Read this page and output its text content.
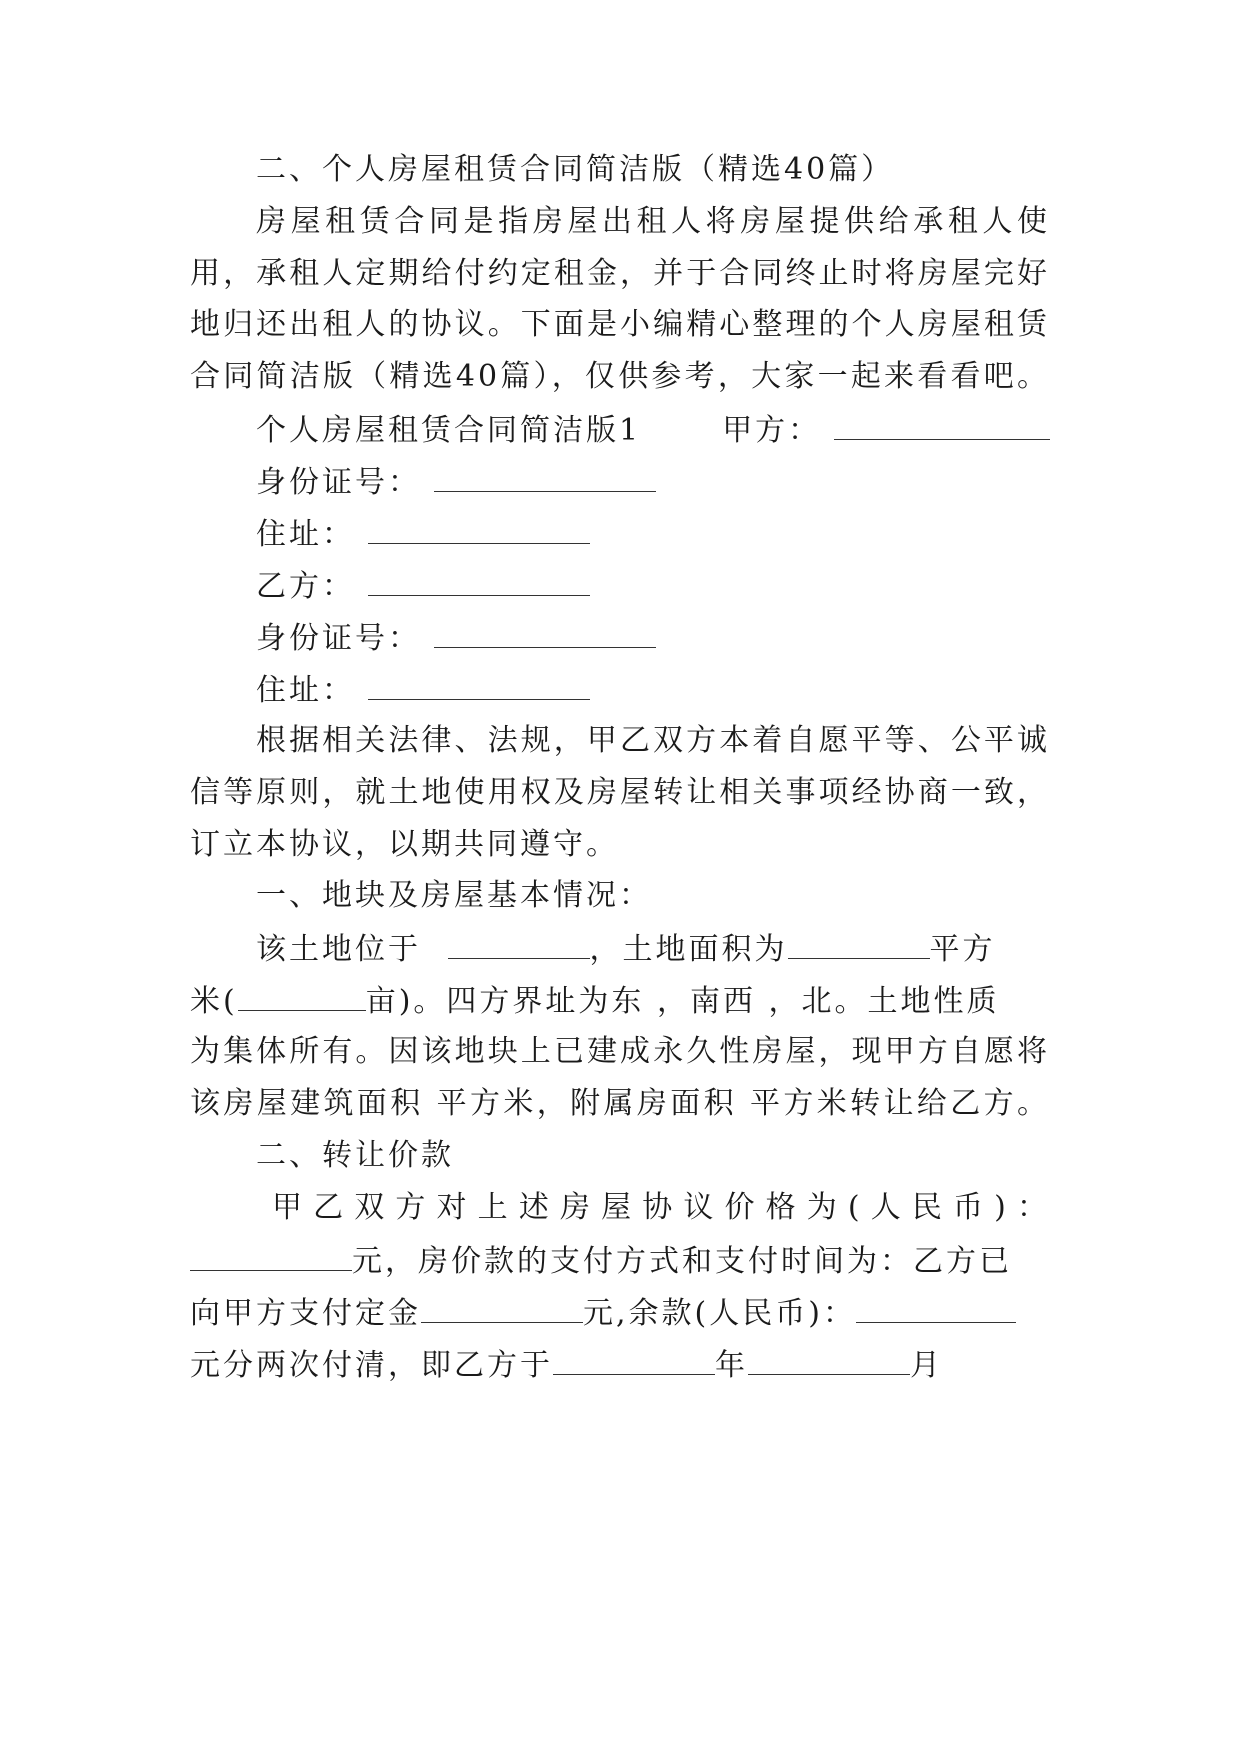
二、个人房屋租赁合同简洁版（精选40篇）
房屋租赁合同是指房屋出租人将房屋提供给承租人使
用，承租人定期给付约定租金，并于合同终止时将房屋完好
地归还出租人的协议。下面是小编精心整理的个人房屋租赁
合同简洁版（精选40篇），仅供参考，大家一起来看看吧。
个人房屋租赁合同简洁版1	甲方：
身份证号：
住址：
乙方：
身份证号：
住址：
根据相关法律、法规，甲乙双方本着自愿平等、公平诚
信等原则，就土地使用权及房屋转让相关事项经协商一致，
订立本协议，以期共同遵守。
一、地块及房屋基本情况：
该土地位于	，土地面积为	平方
米(	亩)。四方界址为东 ，南西 ，北。土地性质
为集体所有。因该地块上已建成永久性房屋，现甲方自愿将
该房屋建筑面积 平方米，附属房面积 平方米转让给乙方。
二、转让价款
甲乙双方对上述房屋协议价格为(人民币)：
元，房价款的支付方式和支付时间为：乙方已
向甲方支付定金	元,余款(人民币)：
元分两次付清，即乙方于	年	月
